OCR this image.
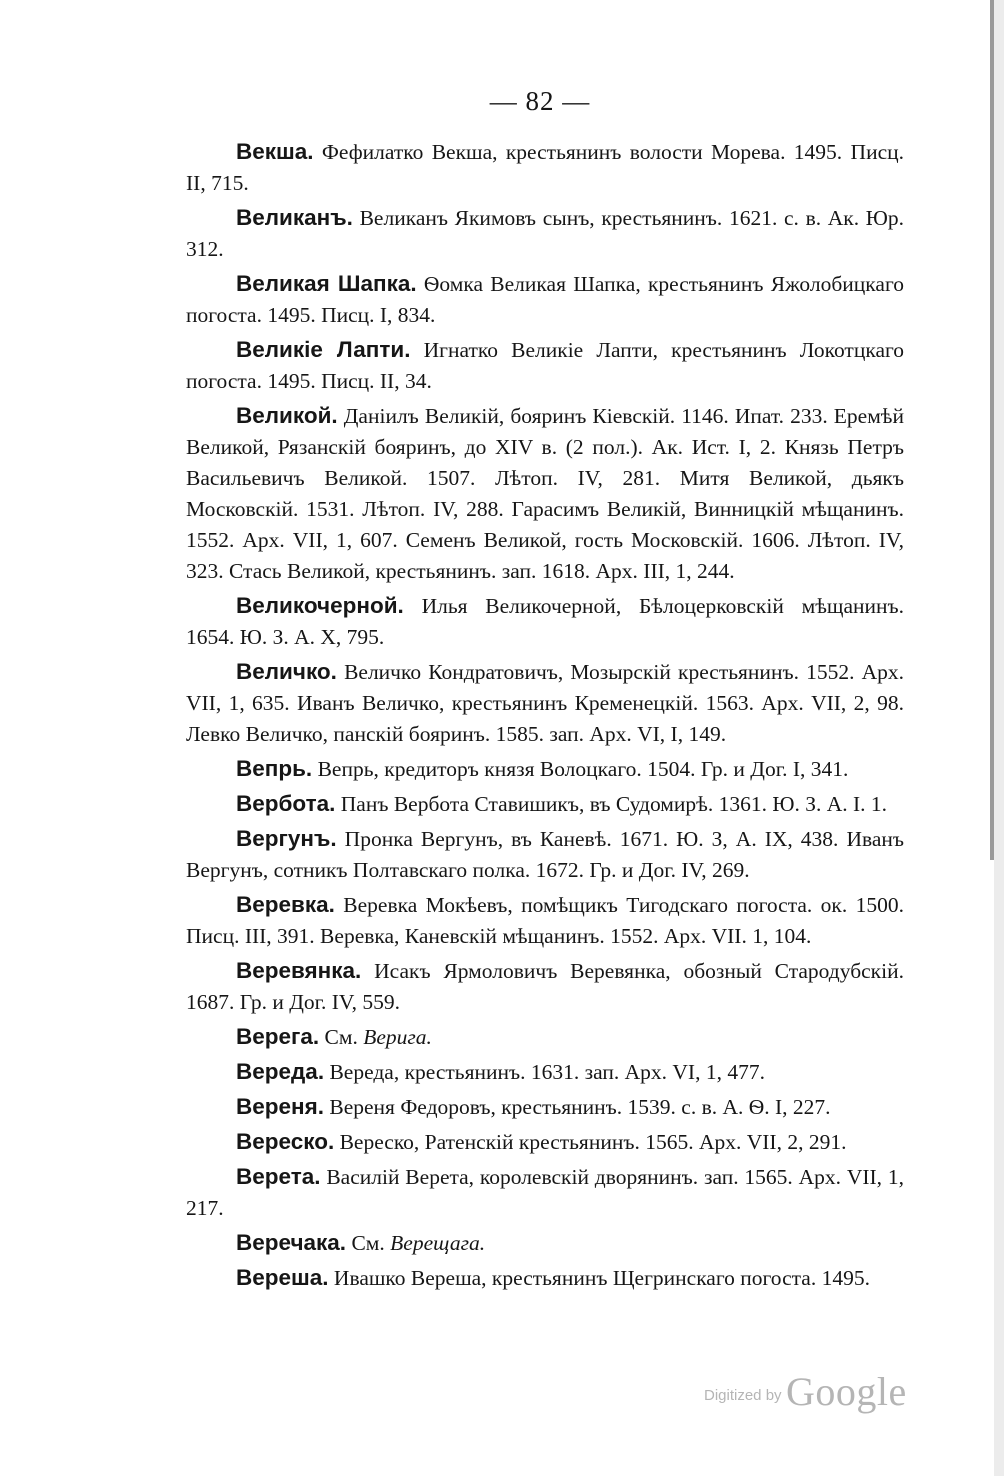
— 82 —

Векша. Фефилатко Векша, крестьянинъ волости Морева. 1495. Писц. II, 715.

Великанъ. Великанъ Якимовъ сынъ, крестьянинъ. 1621. с. в. Ак. Юр. 312.

Великая Шапка. Ѳомка Великая Шапка, крестьянинъ Яжолобицкаго погоста. 1495. Писц. I, 834.

Великіе Лапти. Игнатко Великіе Лапти, крестьянинъ Локотцкаго погоста. 1495. Писц. II, 34.

Великой. Даніилъ Великій, бояринъ Кіевскій. 1146. Ипат. 233. Еремѣй Великой, Рязанскій бояринъ, до XIV в. (2 пол.). Ак. Ист. I, 2. Князь Петръ Васильевичъ Великой. 1507. Лѣтоп. IV, 281. Митя Великой, дьякъ Московскій. 1531. Лѣтоп. IV, 288. Гарасимъ Великій, Винницкій мѣщанинъ. 1552. Арх. VII, 1, 607. Семенъ Великой, гость Московскій. 1606. Лѣтоп. IV, 323. Стась Великой, крестьянинъ. зап. 1618. Арх. III, 1, 244.

Великочерной. Илья Великочерной, Бѣлоцерковскій мѣщанинъ. 1654. Ю. З. А. X, 795.

Величко. Величко Кондратовичъ, Мозырскій крестьянинъ. 1552. Арх. VII, 1, 635. Иванъ Величко, крестьянинъ Кременецкій. 1563. Арх. VII, 2, 98. Левко Величко, панскій бояринъ. 1585. зап. Арх. VI, I, 149.

Вепрь. Вепрь, кредиторъ князя Волоцкаго. 1504. Гр. и Дог. I, 341.

Вербота. Панъ Вербота Ставишикъ, въ Судомирѣ. 1361. Ю. З. А. I. 1.

Вергунъ. Пронка Вергунъ, въ Каневѣ. 1671. Ю. З, А. IX, 438. Иванъ Вергунъ, сотникъ Полтавскаго полка. 1672. Гр. и Дог. IV, 269.

Веревка. Веревка Мокѣевъ, помѣщикъ Тигодскаго погоста. ок. 1500. Писц. III, 391. Веревка, Каневскій мѣщанинъ. 1552. Арх. VII. 1, 104.

Веревянка. Исакъ Ярмоловичъ Веревянка, обозный Стародубскій. 1687. Гр. и Дог. IV, 559.

Верега. См. Верига.

Вереда. Вереда, крестьянинъ. 1631. зап. Арх. VI, 1, 477.

Вереня. Вереня Федоровъ, крестьянинъ. 1539. с. в. А. Ѳ. I, 227.

Вереско. Вереско, Ратенскій крестьянинъ. 1565. Арх. VII, 2, 291.

Верета. Василій Верета, королевскій дворянинъ. зап. 1565. Арх. VII, 1, 217.

Веречака. См. Верещага.

Вереша. Ивашко Вереша, крестьянинъ Щегринскаго погоста. 1495.

Digitized by Google
